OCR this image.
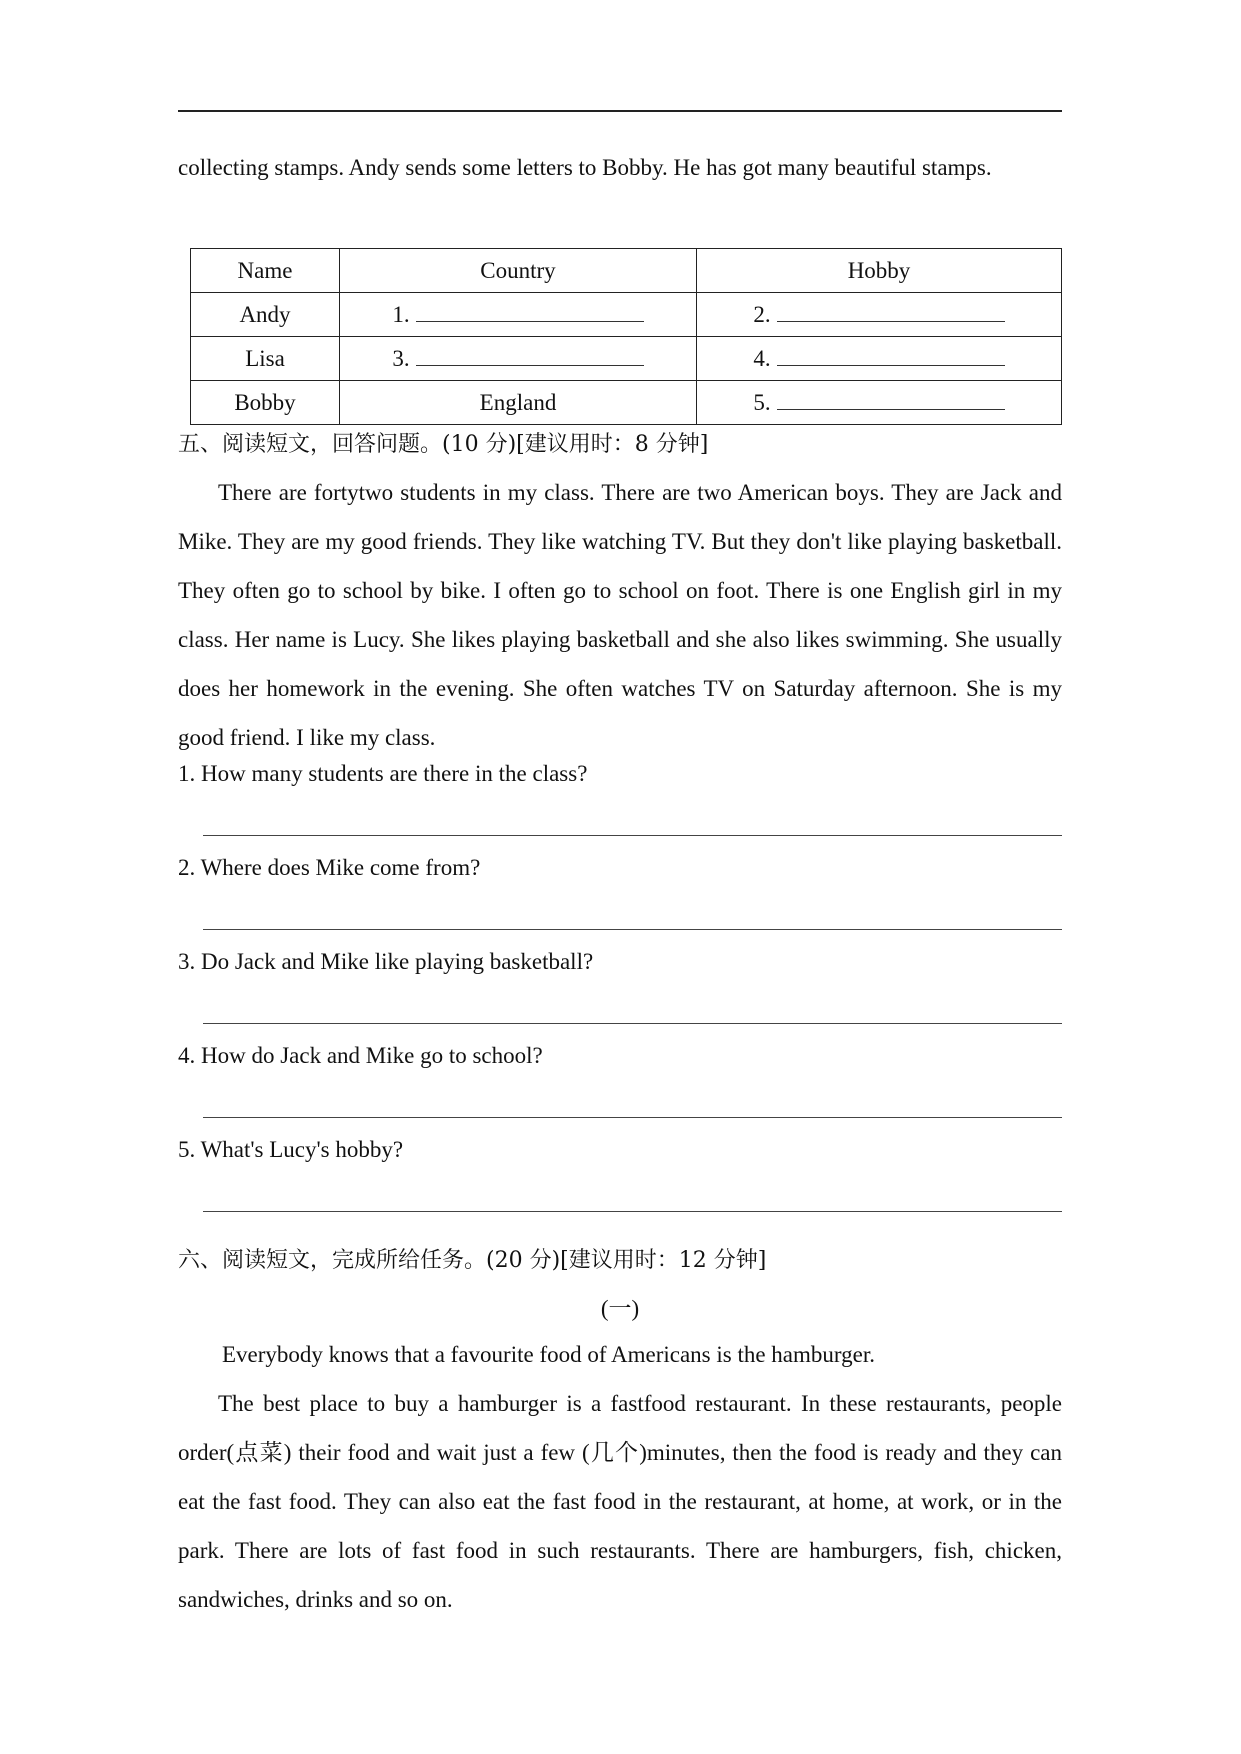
collecting stamps. Andy sends some letters to Bobby. He has got many beautiful stamps.

Name	Country	Hobby
Andy	1.	2.
Lisa	3.	4.
Bobby	England	5.
五、阅读短文，回答问题。(10 分)[建议用时：8 分钟]

There are fortytwo students in my class. There are two American boys. They are Jack and Mike. They are my good friends. They like watching TV. But they don't like playing basketball. They often go to school by bike. I often go to school on foot. There is one English girl in my class. Her name is Lucy. She likes playing basketball and she also likes swimming. She usually does her homework in the evening. She often watches TV on Saturday afternoon. She is my good friend. I like my class.

1. How many students are there in the class?
2. Where does Mike come from?
3. Do Jack and Mike like playing basketball?
4. How do Jack and Mike go to school?
5. What's Lucy's hobby?
六、阅读短文，完成所给任务。(20 分)[建议用时：12 分钟]
(一)

Everybody knows that a favourite food of Americans is the hamburger.

The best place to buy a hamburger is a fastfood restaurant. In these restaurants, people order(点菜) their food and wait just a few (几个)minutes, then the food is ready and they can eat the fast food. They can also eat the fast food in the restaurant, at home, at work, or in the park. There are lots of fast food in such restaurants. There are hamburgers, fish, chicken, sandwiches, drinks and so on.
